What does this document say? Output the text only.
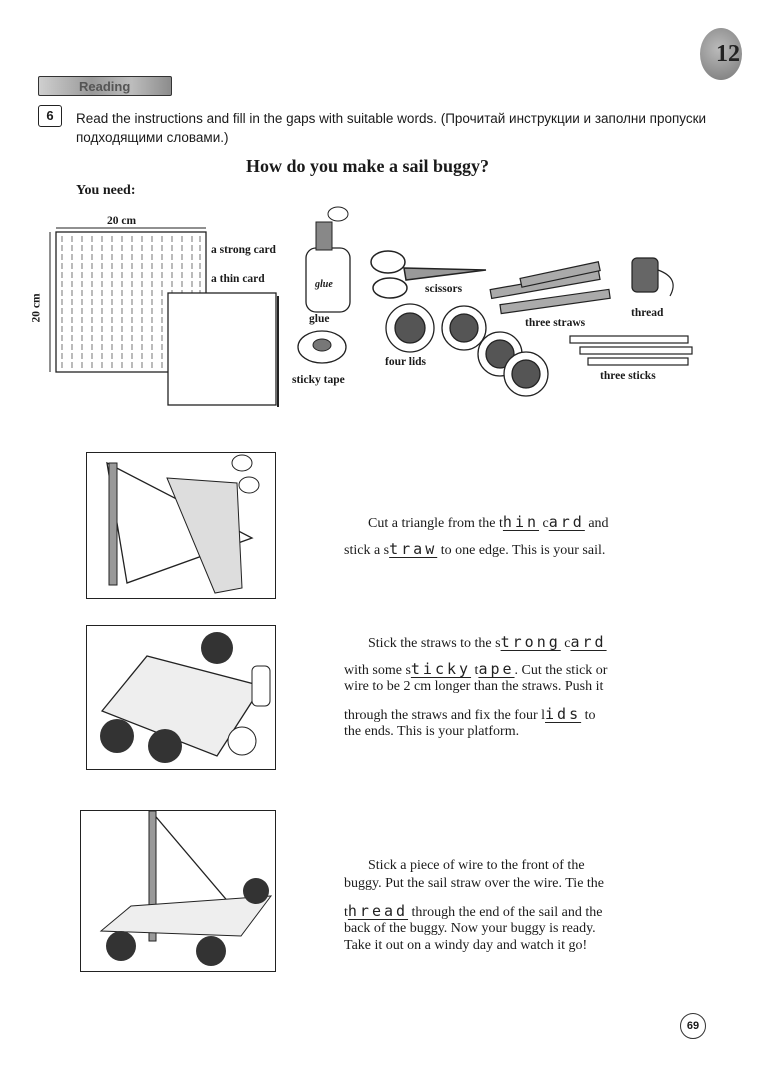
12
Reading
6	Read the instructions and fill in the gaps with suitable words. (Прочитай инструкции и заполни пропуски подходящими словами.)
How do you make a sail buggy?
You need:
20 cm
20 cm
a strong card
a thin card	glue
glue
sticky tape
scissors
three straws
thread
four lids
three sticks
Cut a triangle from the thin card and
stick a straw to one edge. This is your sail.
Stick the straws to the strong card
with some sticky tape. Cut the stick or
wire to be 2 cm longer than the straws. Push it
through the straws and fix the four lids to
the ends. This is your platform.
Stick a piece of wire to the front of the
buggy. Put the sail straw over the wire. Tie the
thread through the end of the sail and the
back of the buggy. Now your buggy is ready.
Take it out on a windy day and watch it go!
69
